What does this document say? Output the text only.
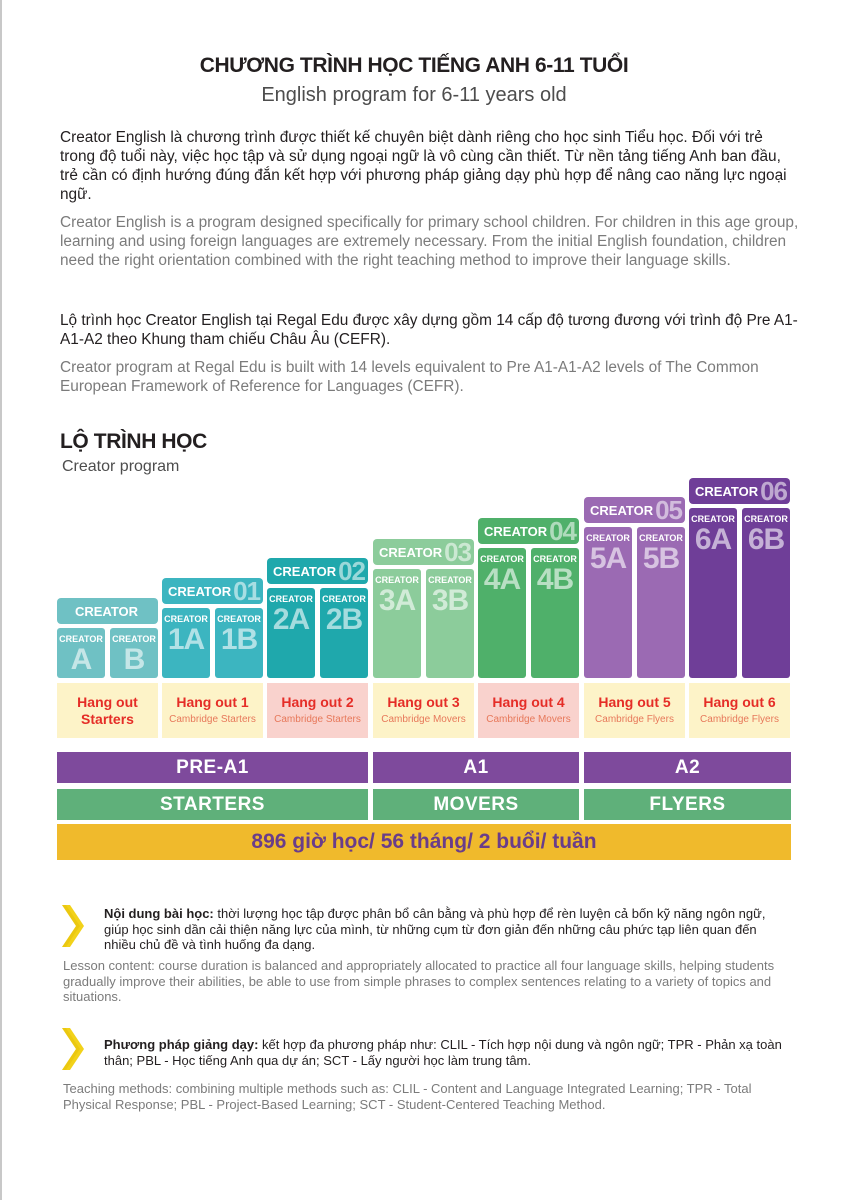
CHƯƠNG TRÌNH HỌC TIẾNG ANH 6-11 TUỔI
English program for 6-11 years old

Creator English là chương trình được thiết kế chuyên biệt dành riêng cho học sinh Tiểu học. Đối với trẻ trong độ tuổi này, việc học tập và sử dụng ngoại ngữ là vô cùng cần thiết. Từ nền tảng tiếng Anh ban đầu, trẻ cần có định hướng đúng đắn kết hợp với phương pháp giảng dạy phù hợp để nâng cao năng lực ngoại ngữ.

Creator English is a program designed specifically for primary school children. For children in this age group, learning and using foreign languages are extremely necessary. From the initial English foundation, children need the right orientation combined with the right teaching method to improve their language skills.

Lộ trình học Creator English tại Regal Edu được xây dựng gồm 14 cấp độ tương đương với trình độ Pre A1-A1-A2 theo Khung tham chiếu Châu Âu (CEFR).

Creator program at Regal Edu is built with 14 levels equivalent to Pre A1-A1-A2 levels of The Common European Framework of Reference for Languages (CEFR).

LỘ TRÌNH HỌC
Creator program
CREATOR
CREATOR
A
CREATOR
B
CREATOR 01
CREATOR
1A
CREATOR
1B
CREATOR 02
CREATOR
2A
CREATOR
2B
CREATOR 03
CREATOR
3A
CREATOR
3B
CREATOR 04
CREATOR
4A
CREATOR
4B
CREATOR 05
CREATOR
5A
CREATOR
5B
CREATOR 06
CREATOR
6A
CREATOR
6B
Hang out
Starters
Hang out 1
Cambridge Starters
Hang out 2
Cambridge Starters
Hang out 3
Cambridge Movers
Hang out 4
Cambridge Movers
Hang out 5
Cambridge Flyers
Hang out 6
Cambridge Flyers
PRE-A1	A1	A2
STARTERS	MOVERS	FLYERS
896 giờ học/ 56 tháng/ 2 buổi/ tuần

Nội dung bài học: thời lượng học tập được phân bổ cân bằng và phù hợp để rèn luyện cả bốn kỹ năng ngôn ngữ, giúp học sinh dần cải thiện năng lực của mình, từ những cụm từ đơn giản đến những câu phức tạp liên quan đến nhiều chủ đề và tình huống đa dạng.

Lesson content: course duration is balanced and appropriately allocated to practice all four language skills, helping students gradually improve their abilities, be able to use from simple phrases to complex sentences relating to a variety of topics and situations.

Phương pháp giảng dạy: kết hợp đa phương pháp như: CLIL - Tích hợp nội dung và ngôn ngữ; TPR - Phản xạ toàn thân; PBL - Học tiếng Anh qua dự án; SCT - Lấy người học làm trung tâm.

Teaching methods: combining multiple methods such as: CLIL - Content and Language Integrated Learning; TPR - Total Physical Response; PBL - Project-Based Learning; SCT - Student-Centered Teaching Method.
